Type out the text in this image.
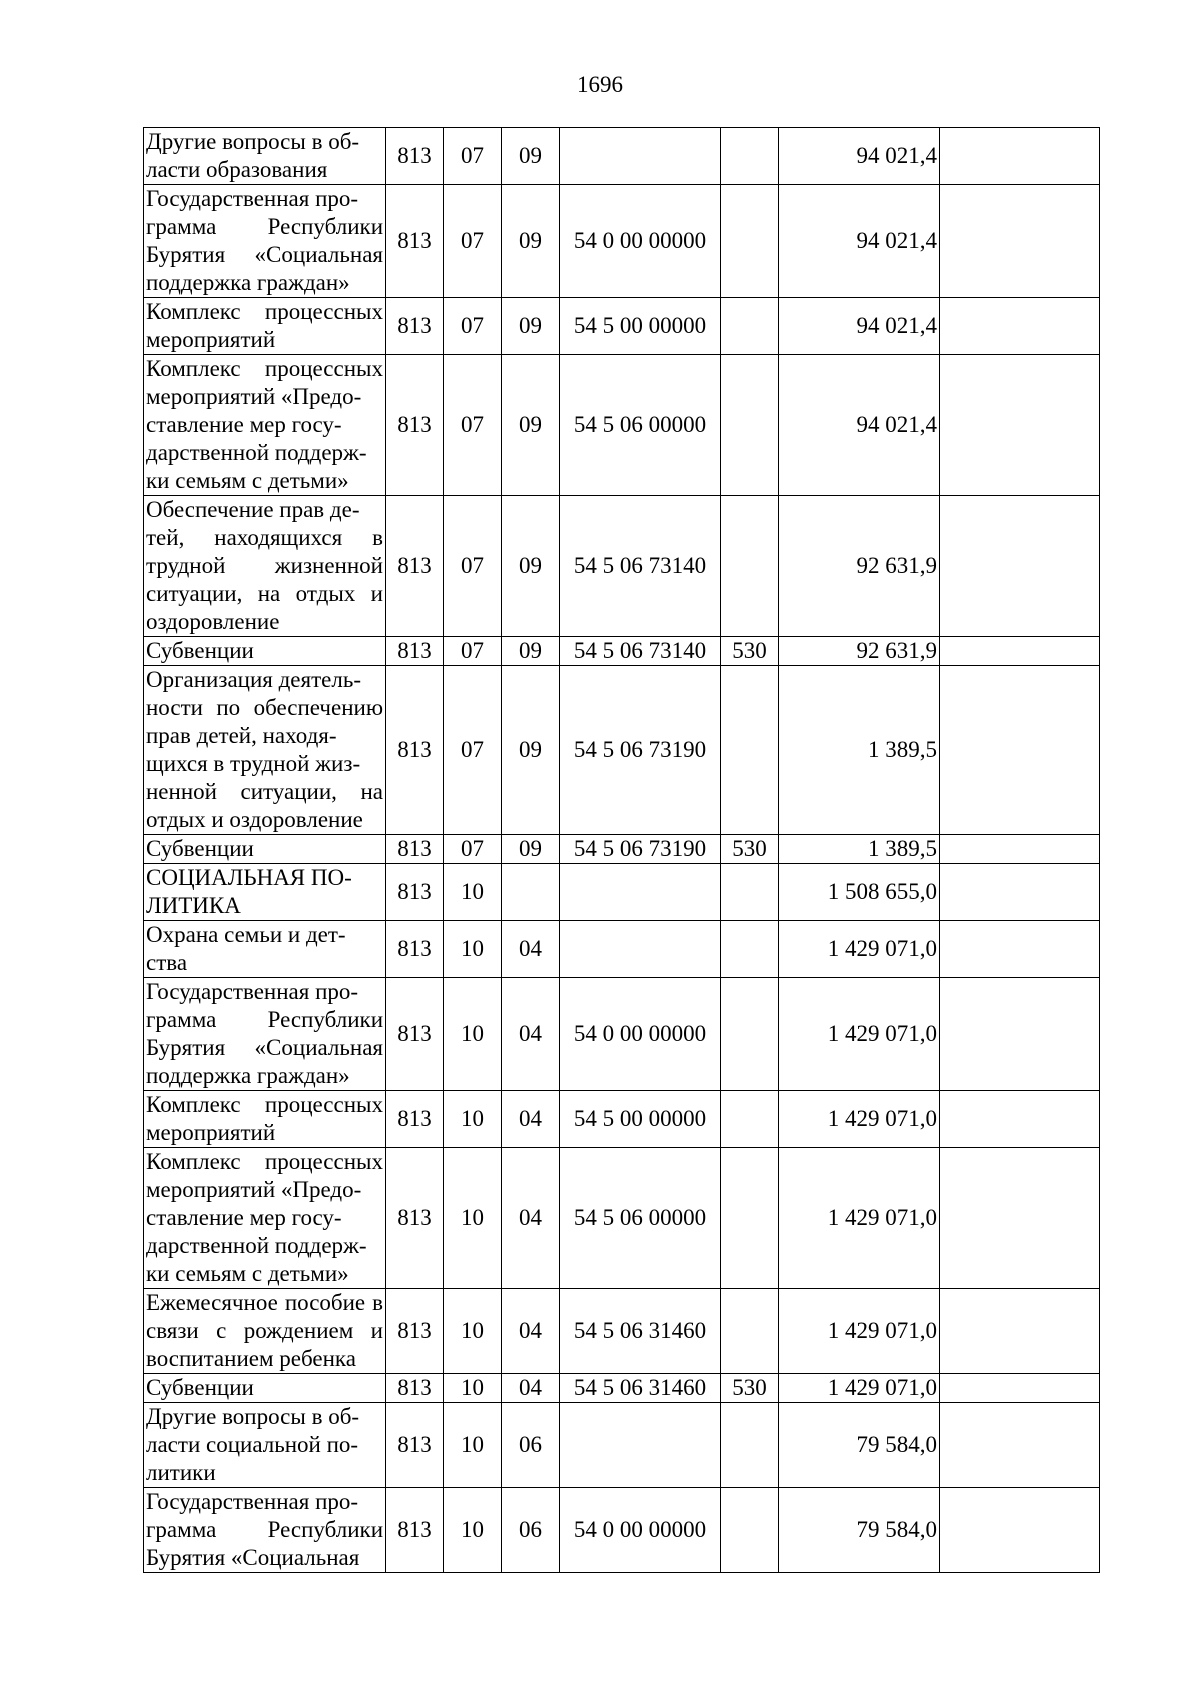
1696
Другие вопросы в об-
ласти образования	813	07	09			94 021,4	
Государственная про-
грамма Республики Бурятия «Социальная поддержка граждан»	813	07	09	54 0 00 00000		94 021,4	
Комплекс процессных мероприятий	813	07	09	54 5 00 00000		94 021,4	
Комплекс процессных мероприятий «Предо-
ставление мер госу-
дарственной поддерж-
ки семьям с детьми»	813	07	09	54 5 06 00000		94 021,4	
Обеспечение прав де-
тей, находящихся в трудной жизненной ситуации, на отдых и оздоровление	813	07	09	54 5 06 73140		92 631,9	
Субвенции	813	07	09	54 5 06 73140	530	92 631,9	
Организация деятель-
ности по обеспечению прав детей, находя-
щихся в трудной жиз-
ненной ситуации, на отдых и оздоровление	813	07	09	54 5 06 73190		1 389,5	
Субвенции	813	07	09	54 5 06 73190	530	1 389,5	
СОЦИАЛЬНАЯ ПО-
ЛИТИКА	813	10				1 508 655,0	
Охрана семьи и дет-
ства	813	10	04			1 429 071,0	
Государственная про-
грамма Республики Бурятия «Социальная поддержка граждан»	813	10	04	54 0 00 00000		1 429 071,0	
Комплекс процессных мероприятий	813	10	04	54 5 00 00000		1 429 071,0	
Комплекс процессных мероприятий «Предо-
ставление мер госу-
дарственной поддерж-
ки семьям с детьми»	813	10	04	54 5 06 00000		1 429 071,0	
Ежемесячное пособие в связи с рождением и воспитанием ребенка	813	10	04	54 5 06 31460		1 429 071,0	
Субвенции	813	10	04	54 5 06 31460	530	1 429 071,0	
Другие вопросы в об-
ласти социальной по-
литики	813	10	06			79 584,0	
Государственная про-
грамма Республики Бурятия «Социальная	813	10	06	54 0 00 00000		79 584,0	
